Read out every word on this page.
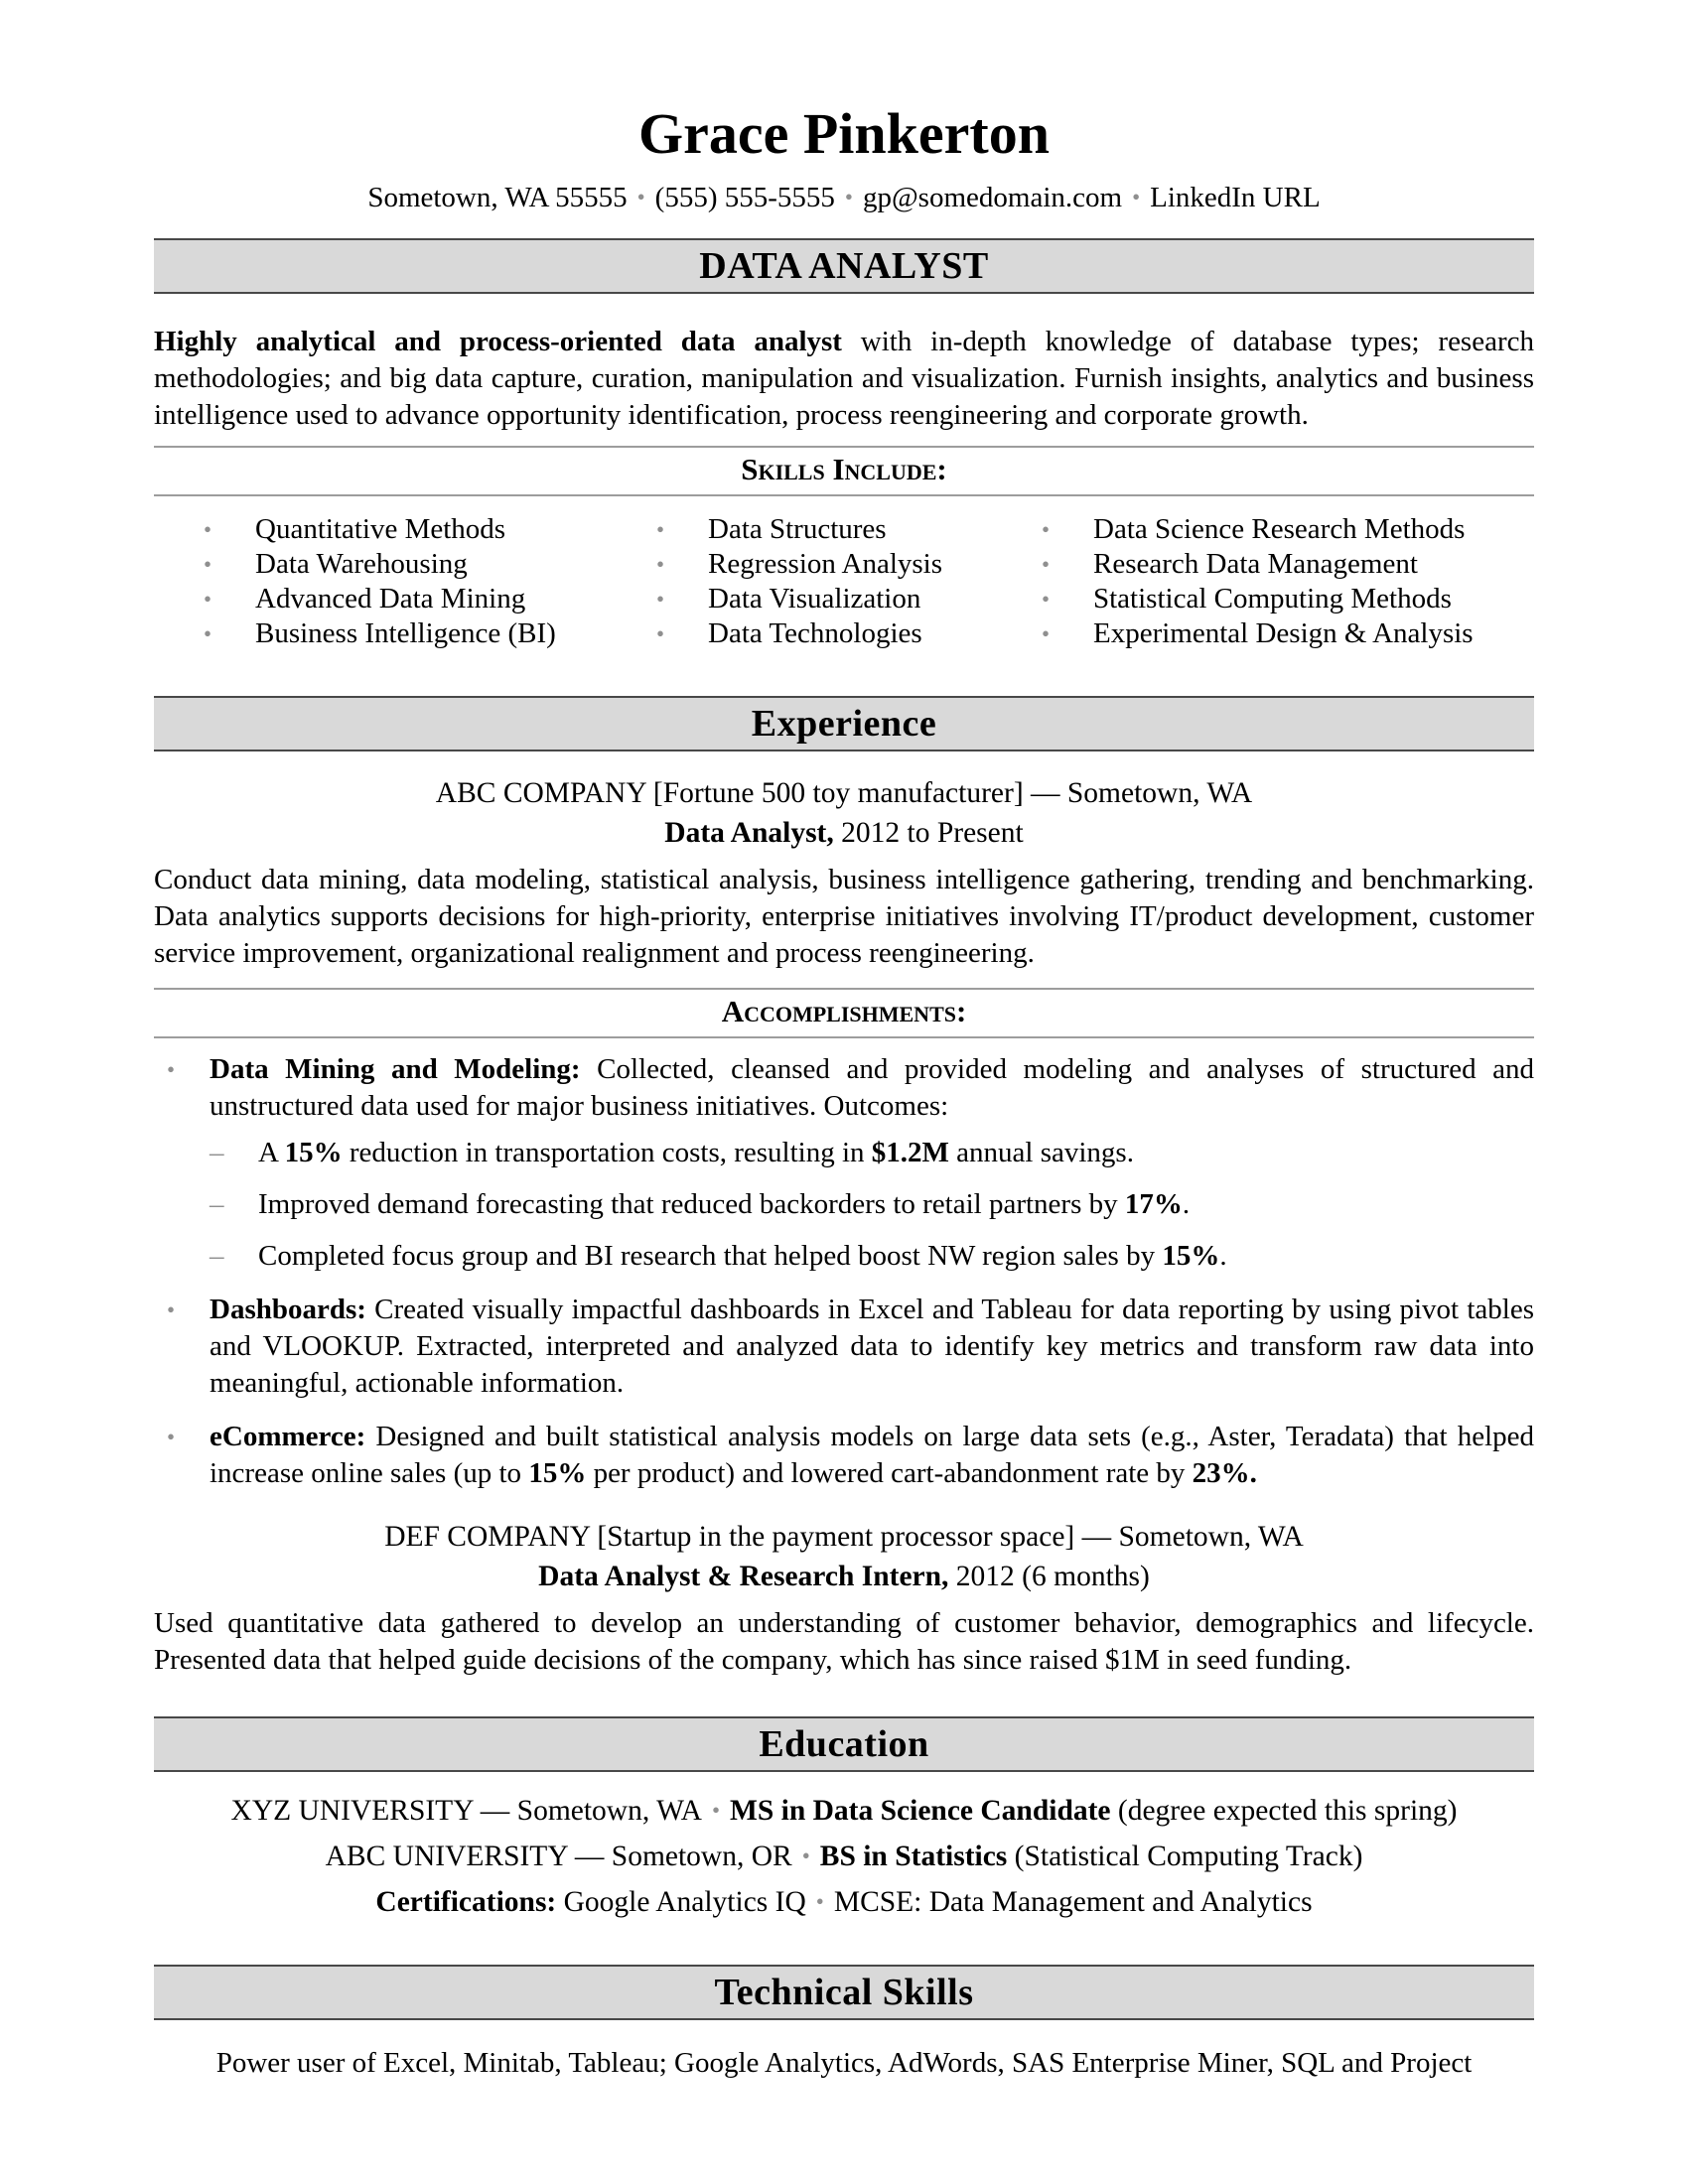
Grace Pinkerton
Sometown, WA 55555 • (555) 555-5555 • gp@somedomain.com • LinkedIn URL
DATA ANALYST

Highly analytical and process-oriented data analyst with in-depth knowledge of database types; research methodologies; and big data capture, curation, manipulation and visualization. Furnish insights, analytics and business intelligence used to advance opportunity identification, process reengineering and corporate growth.

Skills Include:
•	Quantitative Methods
•	Data Warehousing
•	Advanced Data Mining
•	Business Intelligence (BI)
•	Data Structures
•	Regression Analysis
•	Data Visualization
•	Data Technologies
•	Data Science Research Methods
•	Research Data Management
•	Statistical Computing Methods
•	Experimental Design & Analysis
Experience
ABC COMPANY [Fortune 500 toy manufacturer] — Sometown, WA
Data Analyst, 2012 to Present

Conduct data mining, data modeling, statistical analysis, business intelligence gathering, trending and benchmarking. Data analytics supports decisions for high-priority, enterprise initiatives involving IT/product development, customer service improvement, organizational realignment and process reengineering.

Accomplishments:
•	Data Mining and Modeling: Collected, cleansed and provided modeling and analyses of structured and unstructured data used for major business initiatives. Outcomes:
–	A 15% reduction in transportation costs, resulting in $1.2M annual savings.
–	Improved demand forecasting that reduced backorders to retail partners by 17%.
–	Completed focus group and BI research that helped boost NW region sales by 15%.
•	Dashboards: Created visually impactful dashboards in Excel and Tableau for data reporting by using pivot tables and VLOOKUP. Extracted, interpreted and analyzed data to identify key metrics and transform raw data into meaningful, actionable information.
•	eCommerce: Designed and built statistical analysis models on large data sets (e.g., Aster, Teradata) that helped increase online sales (up to 15% per product) and lowered cart-abandonment rate by 23%.
DEF COMPANY [Startup in the payment processor space] — Sometown, WA
Data Analyst & Research Intern, 2012 (6 months)

Used quantitative data gathered to develop an understanding of customer behavior, demographics and lifecycle. Presented data that helped guide decisions of the company, which has since raised $1M in seed funding.

Education
XYZ UNIVERSITY — Sometown, WA • MS in Data Science Candidate (degree expected this spring)
ABC UNIVERSITY — Sometown, OR • BS in Statistics (Statistical Computing Track)
Certifications: Google Analytics IQ • MCSE: Data Management and Analytics
Technical Skills

Power user of Excel, Minitab, Tableau; Google Analytics, AdWords, SAS Enterprise Miner, SQL and Project
